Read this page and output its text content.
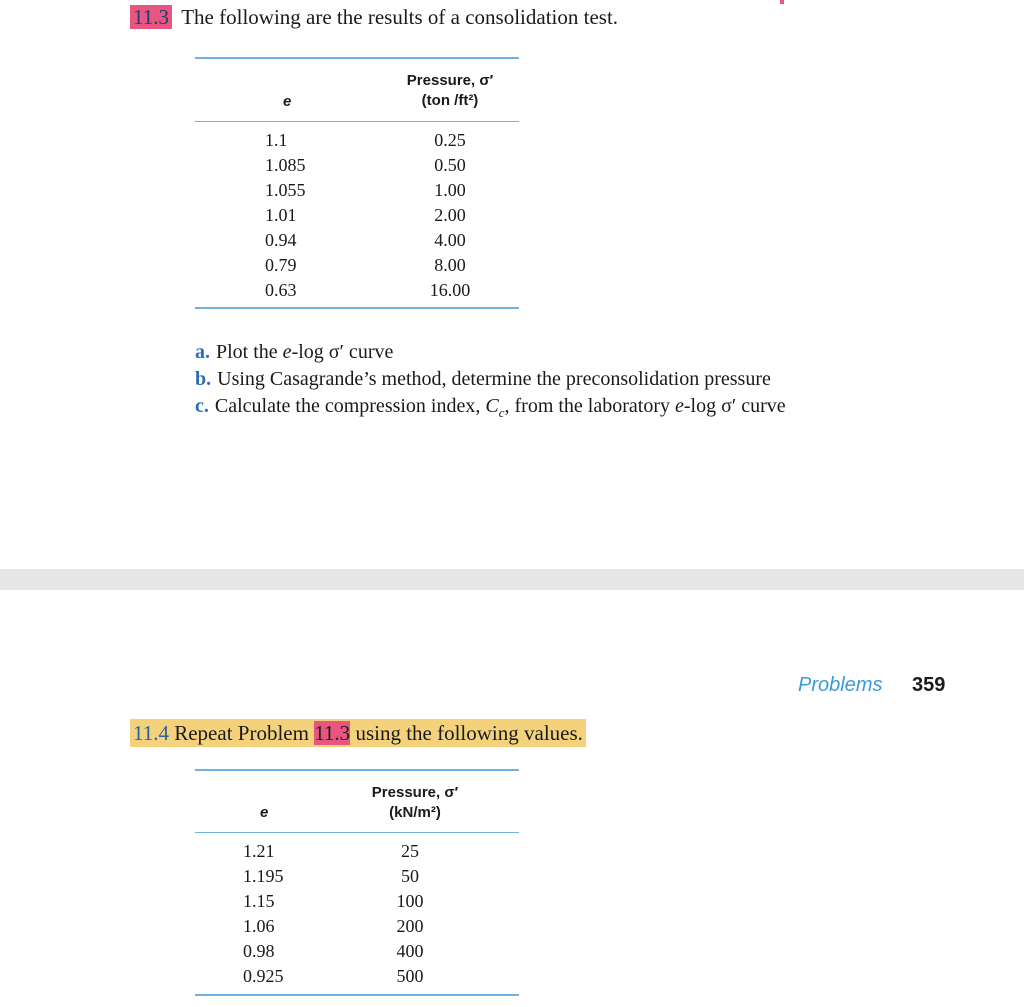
11.3 The following are the results of a consolidation test.
e
Pressure, σ′
(ton /ft²)
1.1
1.085
1.055
1.01
0.94
0.79
0.63
0.25
0.50
1.00
2.00
4.00
8.00
16.00
a. Plot the e-log σ′ curve
b. Using Casagrande’s method, determine the preconsolidation pressure
c. Calculate the compression index, $C_c$, from the laboratory e-log σ′ curve
Problems 359
11.4 Repeat Problem 11.3 using the following values.
e
Pressure, σ′
(kN/m²)
1.21
1.195
1.15
1.06
0.98
0.925
25
50
100
200
400
500
